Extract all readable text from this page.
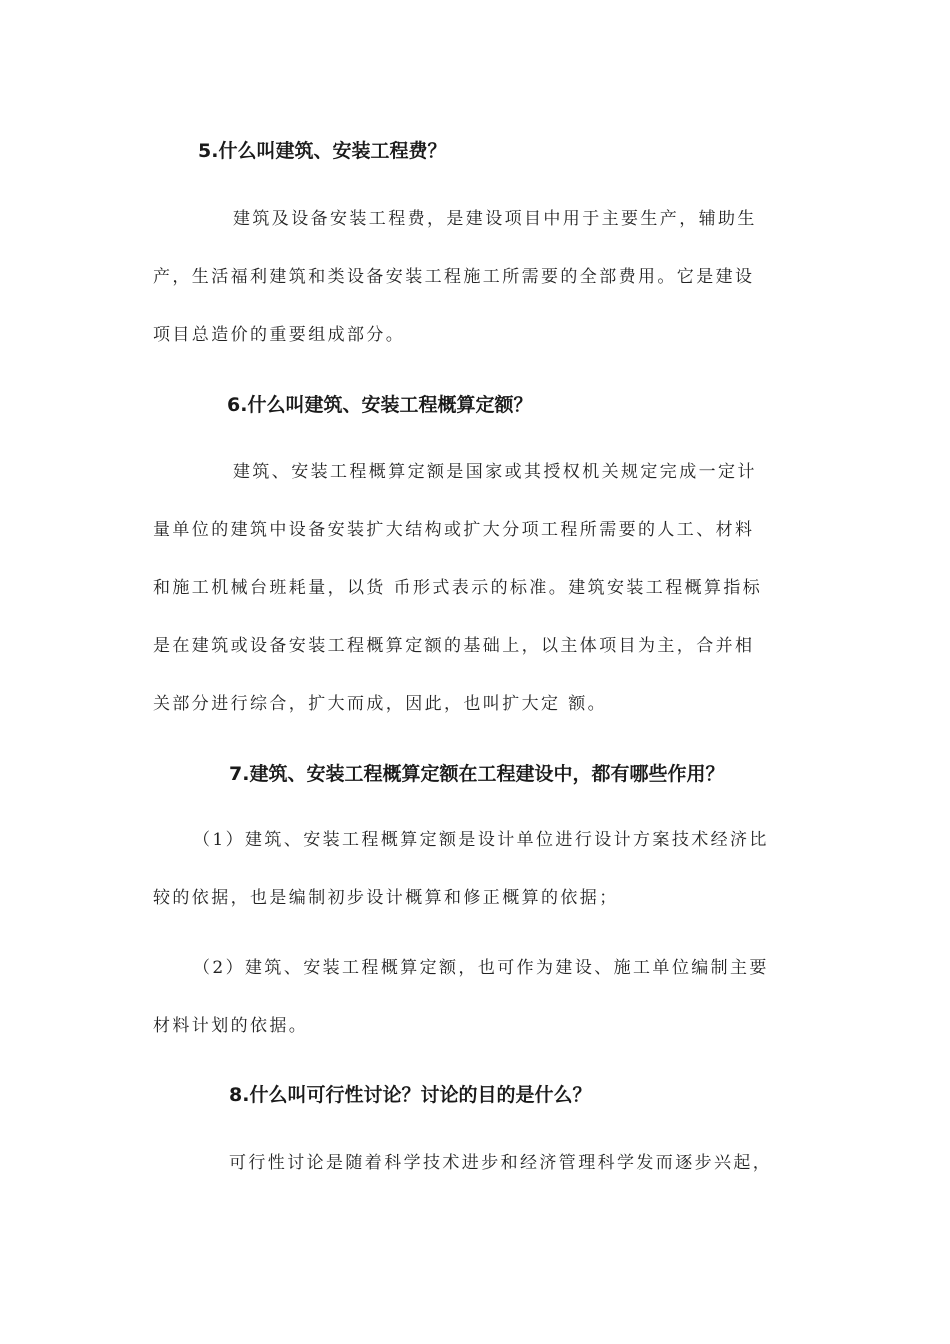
5.什么叫建筑、安装工程费？
建筑及设备安装工程费，是建设项目中用于主要生产，辅助生
产，生活福利建筑和类设备安装工程施工所需要的全部费用。它是建设
项目总造价的重要组成部分。
6.什么叫建筑、安装工程概算定额？
建筑、安装工程概算定额是国家或其授权机关规定完成一定计
量单位的建筑中设备安装扩大结构或扩大分项工程所需要的人工、材料
和施工机械台班耗量，以货 币形式表示的标准。建筑安装工程概算指标
是在建筑或设备安装工程概算定额的基础上，以主体项目为主，合并相
关部分进行综合，扩大而成，因此，也叫扩大定 额。
7.建筑、安装工程概算定额在工程建设中，都有哪些作用？
（1）建筑、安装工程概算定额是设计单位进行设计方案技术经济比
较的依据，也是编制初步设计概算和修正概算的依据；
（2）建筑、安装工程概算定额，也可作为建设、施工单位编制主要
材料计划的依据。
8.什么叫可行性讨论？讨论的目的是什么？
可行性讨论是随着科学技术进步和经济管理科学发而逐步兴起，
